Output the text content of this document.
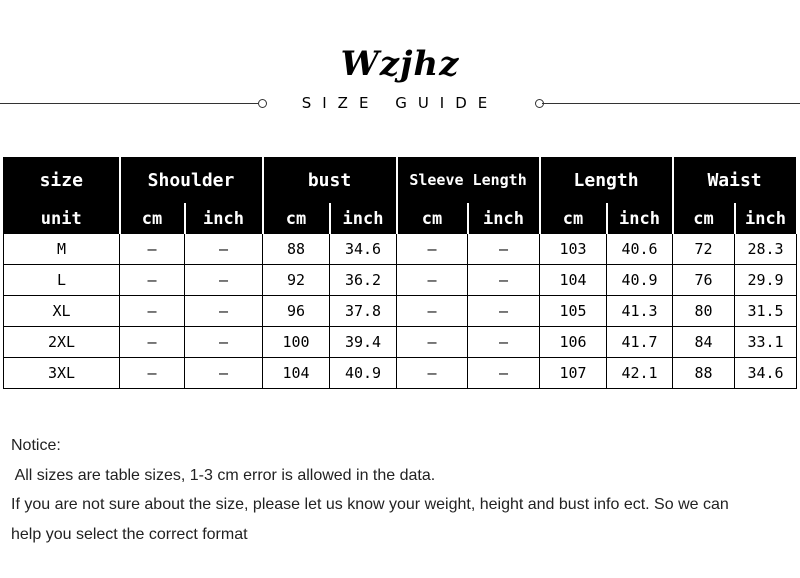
Wzjhz
SIZE GUIDE
size	Shoulder		bust		Sleeve Length		Length		Waist	
unit	cm	inch	cm	inch	cm	inch	cm	inch	cm	inch
M	—	—	88	34.6	—	—	103	40.6	72	28.3
L	—	—	92	36.2	—	—	104	40.9	76	29.9
XL	—	—	96	37.8	—	—	105	41.3	80	31.5
2XL	—	—	100	39.4	—	—	106	41.7	84	33.1
3XL	—	—	104	40.9	—	—	107	42.1	88	34.6
Notice:
All sizes are table sizes, 1-3 cm error is allowed in the data.
If you are not sure about the size, please let us know your weight, height and bust info ect. So we can
help you select the correct format
